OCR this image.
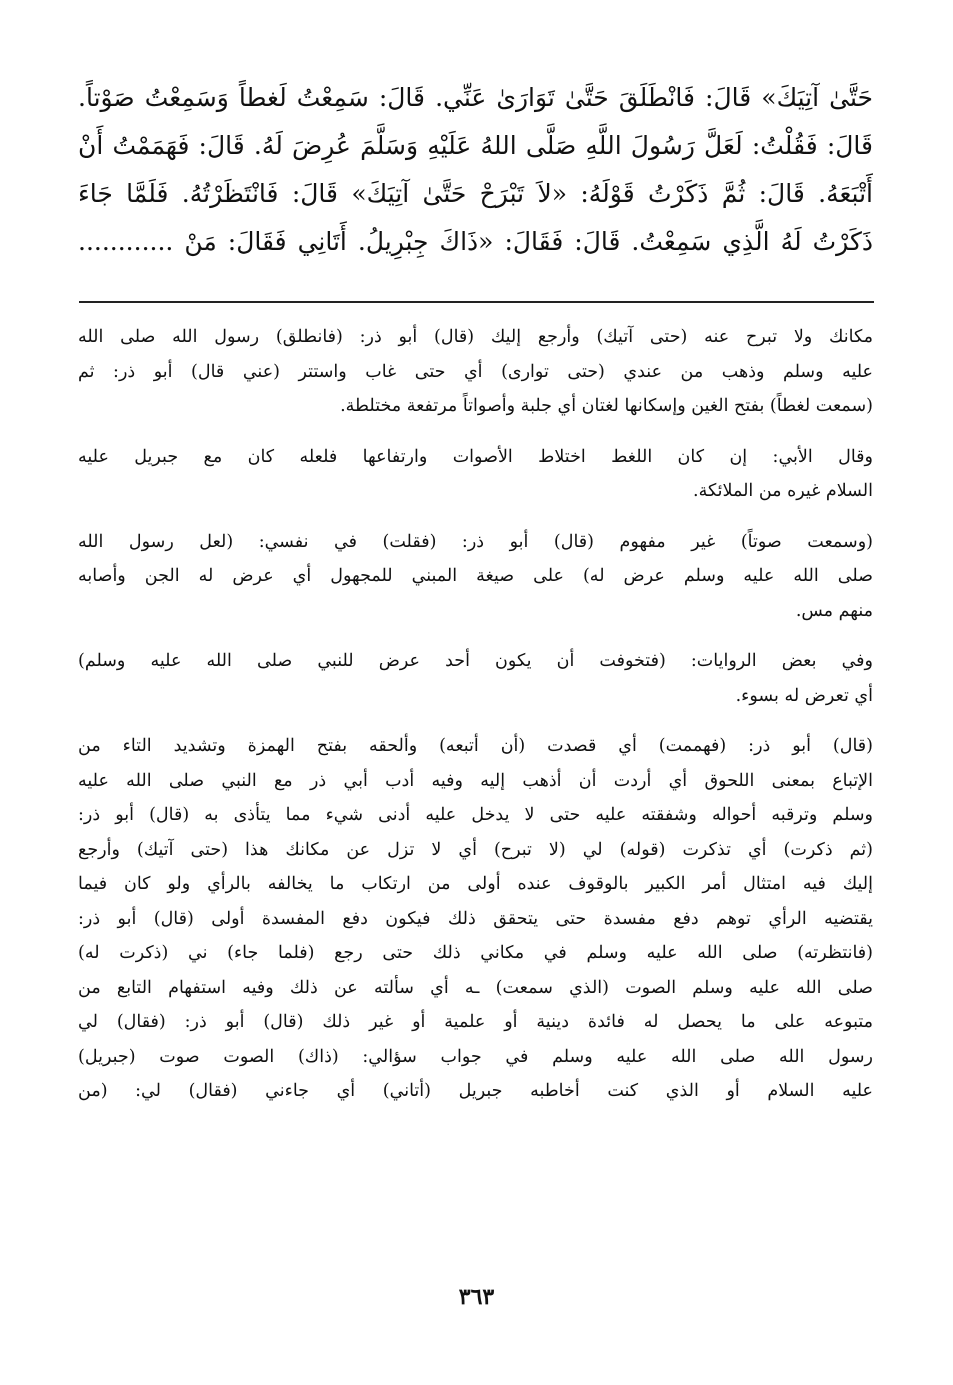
حَتَّىٰ آتِيَكَ» قَالَ: فَانْطَلَقَ حَتَّىٰ تَوَارَىٰ عَنِّي. قَالَ: سَمِعْتُ لَغطاً وَسَمِعْتُ صَوْتاً.
قَالَ: فَقُلْتُ: لَعَلَّ رَسُولَ اللَّهِ صَلَّى اللهُ عَلَيْهِ وَسَلَّمَ عُرِضَ لَهُ. قَالَ: فَهَمَمْتُ أَنْ
أَتْبَعَهُ. قَالَ: ثُمَّ ذَكَرْتُ قَوْلَهُ: «لاَ تَبْرَحْ حَتَّىٰ آتِيَكَ» قَالَ: فَانْتَظَرْتُهُ. فَلَمَّا جَاءَ
ذَكَرْتُ لَهُ الَّذِي سَمِعْتُ. قَالَ: فَقَالَ: «ذَاكَ جِبْرِيلُ. أَتَانِي فَقَالَ: مَنْ ............
مكانك ولا تبرح عنه (حتى آتيك) وأرجع إليك (قال) أبو ذر: (فانطلق) رسول الله صلى الله
عليه وسلم وذهب من عندي (حتى توارى) أي حتى غاب واستتر (عني قال) أبو ذر: ثم
(سمعت لغطاً) بفتح الغين وإسكانها لغتان أي جلبة وأصواتاً مرتفعة مختلطة.
وقال الأبي: إن كان اللغط اختلاط الأصوات وارتفاعها فلعله كان مع جبريل عليه
السلام غيره من الملائكة.
(وسمعت صوتاً) غير مفهوم (قال) أبو ذر: (فقلت) في نفسي: (لعل رسول الله
صلى الله عليه وسلم عرض له) على صيغة المبني للمجهول أي عرض له الجن وأصابه
منهم مس.
وفي بعض الروايات: (فتخوفت أن يكون أحد عرض للنبي صلى الله عليه وسلم)
أي تعرض له بسوء.
(قال) أبو ذر: (فهممت) أي قصدت (أن أتبعه) وألحقه بفتح الهمزة وتشديد التاء من
الإتباع بمعنى اللحوق أي أردت أن أذهب إليه وفيه أدب أبي ذر مع النبي صلى الله عليه
وسلم وترقبه أحواله وشفقته عليه حتى لا يدخل عليه أدنى شيء مما يتأذى به (قال) أبو ذر:
(ثم ذكرت) أي تذكرت (قوله) لي (لا تبرح) أي لا تزل عن مكانك هذا (حتى آتيك) وأرجع
إليك فيه امتثال أمر الكبير بالوقوف عنده أولى من ارتكاب ما يخالفه بالرأي ولو كان فيما
يقتضيه الرأي توهم دفع مفسدة حتى يتحقق ذلك فيكون دفع المفسدة أولى (قال) أبو ذر:
(فانتظرته) صلى الله عليه وسلم في مكاني ذلك حتى رجع (فلما جاء) ني (ذكرت له)
صلى الله عليه وسلم الصوت (الذي سمعت) ـه أي سألته عن ذلك وفيه استفهام التابع من
متبوعه على ما يحصل له فائدة دينية أو علمية أو غير ذلك (قال) أبو ذر: (فقال) لي
رسول الله صلى الله عليه وسلم في جواب سؤالي: (ذاك) الصوت صوت (جبريل)
عليه السلام أو الذي كنت أخاطبه جبريل (أتاني) أي جاءني (فقال) لي: (من
٣٦٣
